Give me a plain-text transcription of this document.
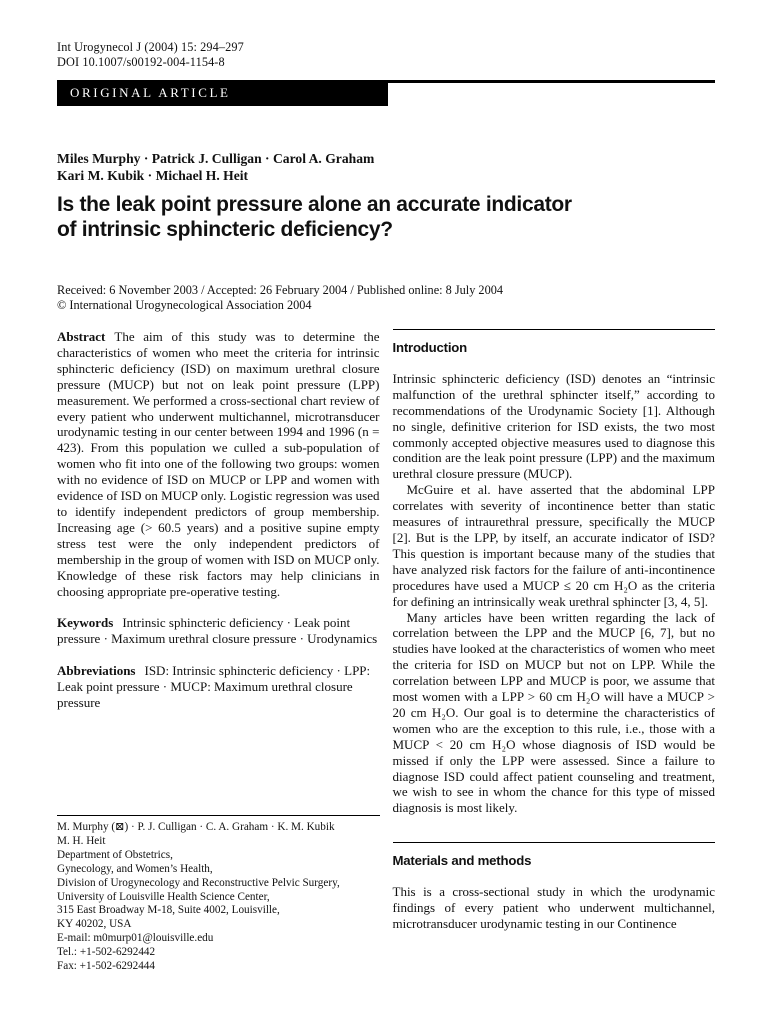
Int Urogynecol J (2004) 15: 294–297
DOI 10.1007/s00192-004-1154-8
ORIGINAL ARTICLE
Miles Murphy · Patrick J. Culligan · Carol A. Graham
Kari M. Kubik · Michael H. Heit
Is the leak point pressure alone an accurate indicator
of intrinsic sphincteric deficiency?
Received: 6 November 2003 / Accepted: 26 February 2004 / Published online: 8 July 2004
© International Urogynecological Association 2004

Abstract The aim of this study was to determine the characteristics of women who meet the criteria for intrinsic sphincteric deficiency (ISD) on maximum urethral closure pressure (MUCP) but not on leak point pressure (LPP) measurement. We performed a cross-sectional chart review of every patient who underwent multichannel, microtransducer urodynamic testing in our center between 1994 and 1996 (n = 423). From this population we culled a sub-population of women who fit into one of the following two groups: women with no evidence of ISD on MUCP or LPP and women with evidence of ISD on MUCP only. Logistic regression was used to identify independent predictors of group membership. Increasing age (> 60.5 years) and a positive supine empty stress test were the only independent predictors of membership in the group of women with ISD on MUCP only. Knowledge of these risk factors may help clinicians in choosing appropriate pre-operative testing.

Keywords Intrinsic sphincteric deficiency · Leak point pressure · Maximum urethral closure pressure · Urodynamics

Abbreviations ISD: Intrinsic sphincteric deficiency · LPP: Leak point pressure · MUCP: Maximum urethral closure pressure

M. Murphy (⊠) · P. J. Culligan · C. A. Graham · K. M. Kubik
M. H. Heit
Department of Obstetrics,
Gynecology, and Women’s Health,
Division of Urogynecology and Reconstructive Pelvic Surgery,
University of Louisville Health Science Center,
315 East Broadway M-18, Suite 4002, Louisville,
KY 40202, USA
E-mail: m0murp01@louisville.edu
Tel.: +1-502-6292442
Fax: +1-502-6292444
Introduction

Intrinsic sphincteric deficiency (ISD) denotes an “intrinsic malfunction of the urethral sphincter itself,” according to recommendations of the Urodynamic Society [1]. Although no single, definitive criterion for ISD exists, the two most commonly accepted objective measures used to diagnose this condition are the leak point pressure (LPP) and the maximum urethral closure pressure (MUCP).

McGuire et al. have asserted that the abdominal LPP correlates with severity of incontinence better than static measures of intraurethral pressure, specifically the MUCP [2]. But is the LPP, by itself, an accurate indicator of ISD? This question is important because many of the studies that have analyzed risk factors for the failure of anti-incontinence procedures have used a MUCP ≤ 20 cm H₂O as the criteria for defining an intrinsically weak urethral sphincter [3, 4, 5].

Many articles have been written regarding the lack of correlation between the LPP and the MUCP [6, 7], but no studies have looked at the characteristics of women who meet the criteria for ISD on MUCP but not on LPP. While the correlation between LPP and MUCP is poor, we assume that most women with a LPP > 60 cm H₂O will have a MUCP > 20 cm H₂O. Our goal is to determine the characteristics of women who are the exception to this rule, i.e., those with a MUCP < 20 cm H₂O whose diagnosis of ISD would be missed if only the LPP were assessed. Since a failure to diagnose ISD could affect patient counseling and treatment, we wish to see in whom the chance for this type of missed diagnosis is most likely.

Materials and methods

This is a cross-sectional study in which the urodynamic findings of every patient who underwent multichannel, microtransducer urodynamic testing in our Continence
